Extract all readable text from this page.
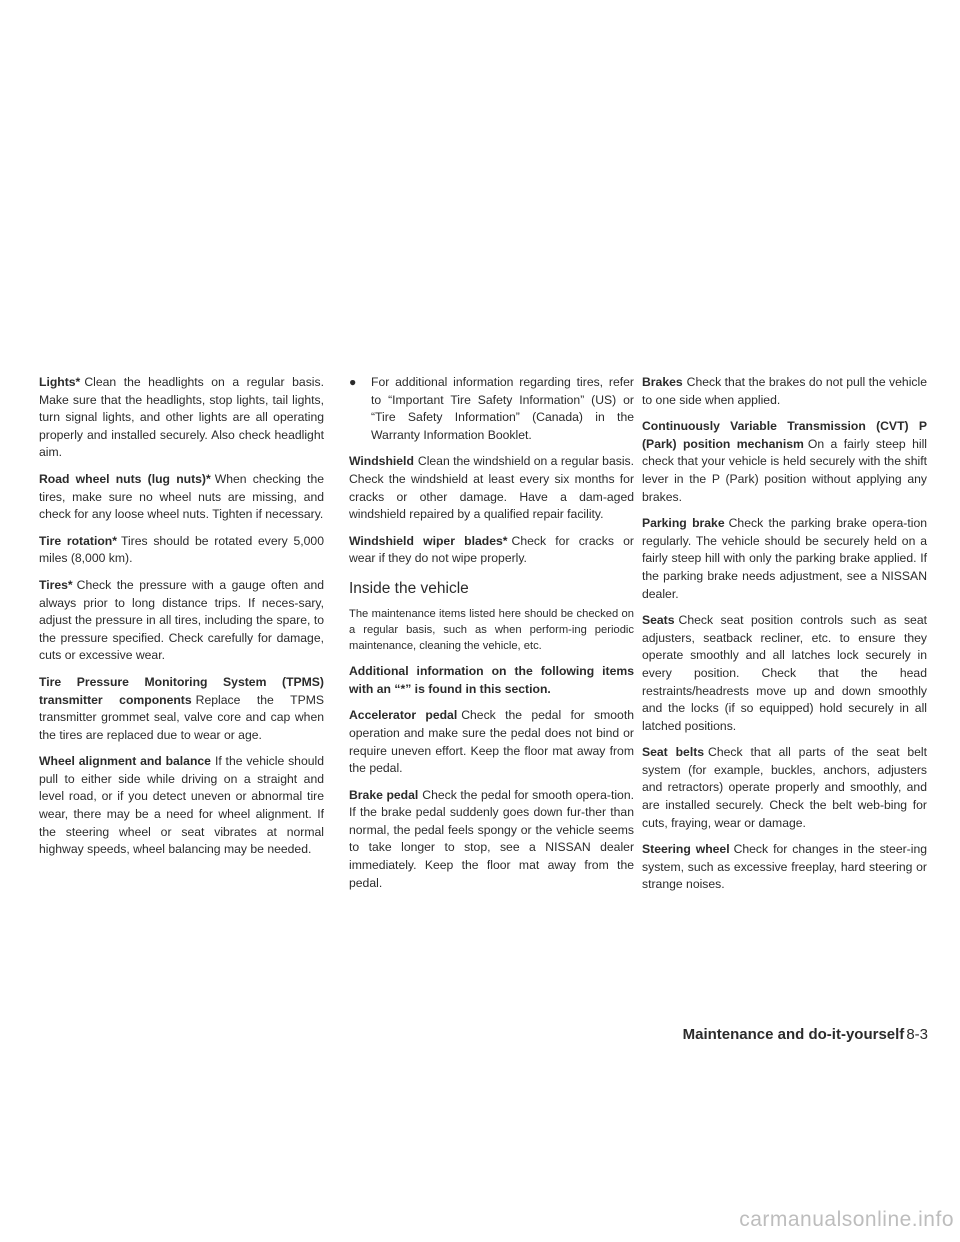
Lights* Clean the headlights on a regular basis. Make sure that the headlights, stop lights, tail lights, turn signal lights, and other lights are all operating properly and installed securely. Also check headlight aim.

Road wheel nuts (lug nuts)* When checking the tires, make sure no wheel nuts are missing, and check for any loose wheel nuts. Tighten if necessary.

Tire rotation* Tires should be rotated every 5,000 miles (8,000 km).

Tires* Check the pressure with a gauge often and always prior to long distance trips. If neces-sary, adjust the pressure in all tires, including the spare, to the pressure specified. Check carefully for damage, cuts or excessive wear.

Tire Pressure Monitoring System (TPMS) transmitter components Replace the TPMS transmitter grommet seal, valve core and cap when the tires are replaced due to wear or age.

Wheel alignment and balance If the vehicle should pull to either side while driving on a straight and level road, or if you detect uneven or abnormal tire wear, there may be a need for wheel alignment. If the steering wheel or seat vibrates at normal highway speeds, wheel balancing may be needed.

●	For additional information regarding tires, refer to “Important Tire Safety Information” (US) or “Tire Safety Information” (Canada) in the Warranty Information Booklet.

Windshield Clean the windshield on a regular basis. Check the windshield at least every six months for cracks or other damage. Have a dam-aged windshield repaired by a qualified repair facility.

Windshield wiper blades* Check for cracks or wear if they do not wipe properly.

Inside the vehicle

The maintenance items listed here should be checked on a regular basis, such as when perform-ing periodic maintenance, cleaning the vehicle, etc.

Additional information on the following items with an “*” is found in this section.

Accelerator pedal Check the pedal for smooth operation and make sure the pedal does not bind or require uneven effort. Keep the floor mat away from the pedal.

Brake pedal Check the pedal for smooth opera-tion. If the brake pedal suddenly goes down fur-ther than normal, the pedal feels spongy or the vehicle seems to take longer to stop, see a NISSAN dealer immediately. Keep the floor mat away from the pedal.

Brakes Check that the brakes do not pull the vehicle to one side when applied.

Continuously Variable Transmission (CVT) P (Park) position mechanism On a fairly steep hill check that your vehicle is held securely with the shift lever in the P (Park) position without applying any brakes.

Parking brake Check the parking brake opera-tion regularly. The vehicle should be securely held on a fairly steep hill with only the parking brake applied. If the parking brake needs adjustment, see a NISSAN dealer.

Seats Check seat position controls such as seat adjusters, seatback recliner, etc. to ensure they operate smoothly and all latches lock securely in every position. Check that the head restraints/headrests move up and down smoothly and the locks (if so equipped) hold securely in all latched positions.

Seat belts Check that all parts of the seat belt system (for example, buckles, anchors, adjusters and retractors) operate properly and smoothly, and are installed securely. Check the belt web-bing for cuts, fraying, wear or damage.

Steering wheel Check for changes in the steer-ing system, such as excessive freeplay, hard steering or strange noises.

Maintenance and do-it-yourself 8-3
carmanualsonline.info
